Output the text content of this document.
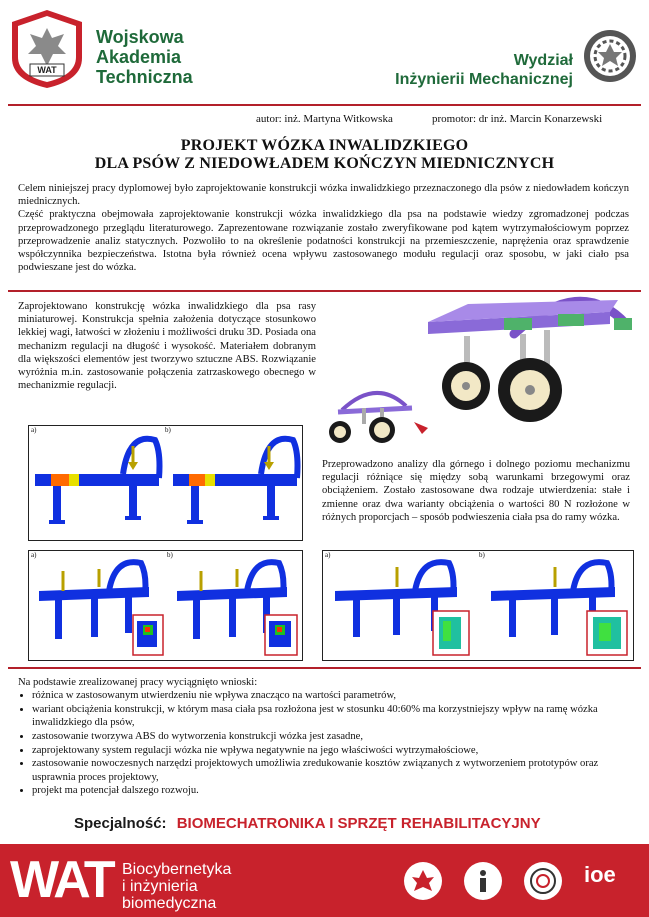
WAT
Wojskowa
Akademia
Techniczna
Wydział
Inżynierii Mechanicznej
autor: inż. Martyna Witkowska	promotor: dr inż. Marcin Konarzewski
PROJEKT WÓZKA INWALIDZKIEGO
DLA PSÓW Z NIEDOWŁADEM KOŃCZYN MIEDNICZNYCH

Celem niniejszej pracy dyplomowej było zaprojektowanie konstrukcji wózka inwalidzkiego przeznaczonego dla psów z niedowładem kończyn miednicznych.

Część praktyczna obejmowała zaprojektowanie konstrukcji wózka inwalidzkiego dla psa na podstawie wiedzy zgromadzonej podczas przeprowadzonego przeglądu literaturowego. Zaprezentowane rozwiązanie zostało zweryfikowane pod kątem wytrzymałościowym poprzez przeprowadzenie analiz statycznych. Pozwoliło to na określenie podatności konstrukcji na przemieszczenie, naprężenia oraz sprawdzenie współczynnika bezpieczeństwa. Istotna była również ocena wpływu zastosowanego modułu regulacji oraz sposobu, w jaki ciało psa podwieszane jest do wózka.

Zaprojektowano konstrukcję wózka inwalidzkiego dla psa rasy miniaturowej. Konstrukcja spełnia założenia dotyczące stosunkowo lekkiej wagi, łatwości w złożeniu i możliwości druku 3D. Posiada ona mechanizm regulacji na długość i wysokość. Materiałem dobranym dla większości elementów jest tworzywo sztuczne ABS. Rozwiązanie wyróżnia m.in. zastosowanie połączenia zatrzaskowego obecnego w mechanizmie regulacji.

Przeprowadzono analizy dla górnego i dolnego poziomu mechanizmu regulacji różniące się między sobą warunkami brzegowymi oraz obciążeniem. Zostało zastosowane dwa rodzaje utwierdzenia: stałe i zmienne oraz dwa warianty obciążenia o wartości 80 N rozłożone w różnych proporcjach – sposób podwieszenia ciała psa do ramy wózka.

a)	b)
a)	b)	a)	b)
Na podstawie zrealizowanej pracy wyciągnięto wnioski:
• różnica w zastosowanym utwierdzeniu nie wpływa znacząco na wartości parametrów,
• wariant obciążenia konstrukcji, w którym masa ciała psa rozłożona jest w stosunku 40:60% ma korzystniejszy wpływ na ramę wózka inwalidzkiego dla psów,
• zastosowanie tworzywa ABS do wytworzenia konstrukcji wózka jest zasadne,
• zaprojektowany system regulacji wózka nie wpływa negatywnie na jego właściwości wytrzymałościowe,
• zastosowanie nowoczesnych narzędzi projektowych umożliwia zredukowanie kosztów związanych z wytworzeniem prototypów oraz usprawnia proces projektowy,
• projekt ma potencjał dalszego rozwoju.
Specjalność: BIOMECHATRONIKA I SPRZĘT REHABILITACYJNY
WAT Biocybernetyka
i inżynieria
biomedyczna
ioe
